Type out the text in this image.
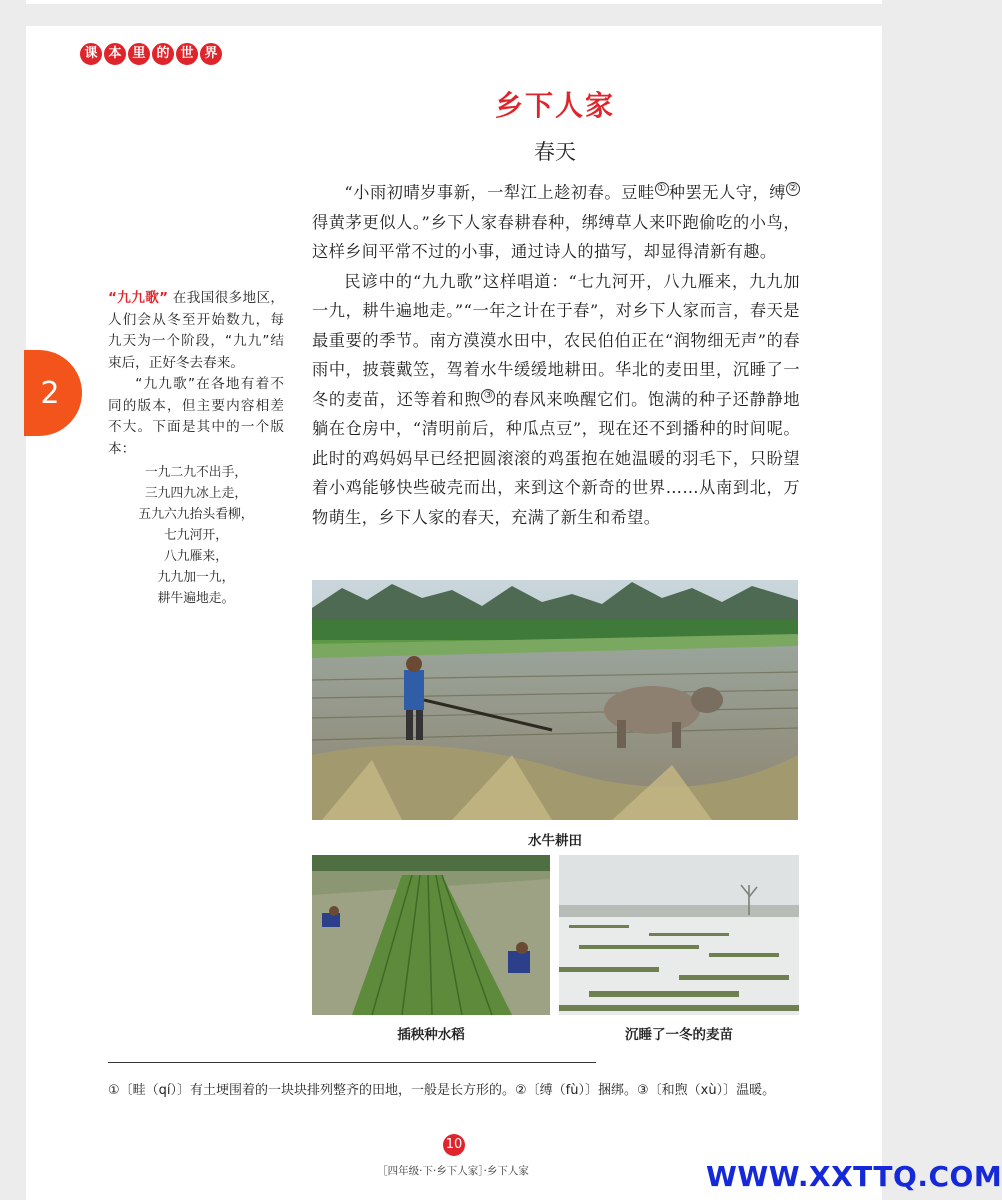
课 本 里 的 世 界
2
乡下人家
春天

“小雨初晴岁事新，一犁江上趁初春。豆畦 ① 种罢无人守，缚 ②得黄茅更似人。”乡下人家春耕春种，绑缚草人来吓跑偷吃的小鸟，这样乡间平常不过的小事，通过诗人的描写，却显得清新有趣。

民谚中的“九九歌”这样唱道：“七九河开，八九雁来，九九加一九，耕牛遍地走。”“一年之计在于春”，对乡下人家而言，春天是最重要的季节。南方漠漠水田中，农民伯伯正在“润物细无声”的春雨中，披蓑戴笠，驾着水牛缓缓地耕田。华北的麦田里，沉睡了一冬的麦苗，还等着和煦 ③ 的春风来唤醒它们。饱满的种子还静静地躺在仓房中，“清明前后，种瓜点豆”，现在还不到播种的时间呢。此时的鸡妈妈早已经把圆滚滚的鸡蛋抱在她温暖的羽毛下，只盼望着小鸡能够快些破壳而出，来到这个新奇的世界……从南到北，万物萌生，乡下人家的春天，充满了新生和希望。

“九九歌” 在我国很多地区，人们会从冬至开始数九，每九天为一个阶段，“九九”结束后，正好冬去春来。

“九九歌”在各地有着不同的版本，但主要内容相差不大。下面是其中的一个版本：

一九二九不出手，
三九四九冰上走，
五九六九抬头看柳，
七九河开，
八九雁来，
九九加一九，
耕牛遍地走。
水牛耕田
插秧种水稻	沉睡了一冬的麦苗
①〔畦（qí）〕有土埂围着的一块块排列整齐的田地，一般是长方形的。②〔缚（fù）〕捆绑。③〔和煦（xù）〕温暖。
10
［四年级·下·乡下人家］·乡下人家	WWW.XXTTQ.COM
